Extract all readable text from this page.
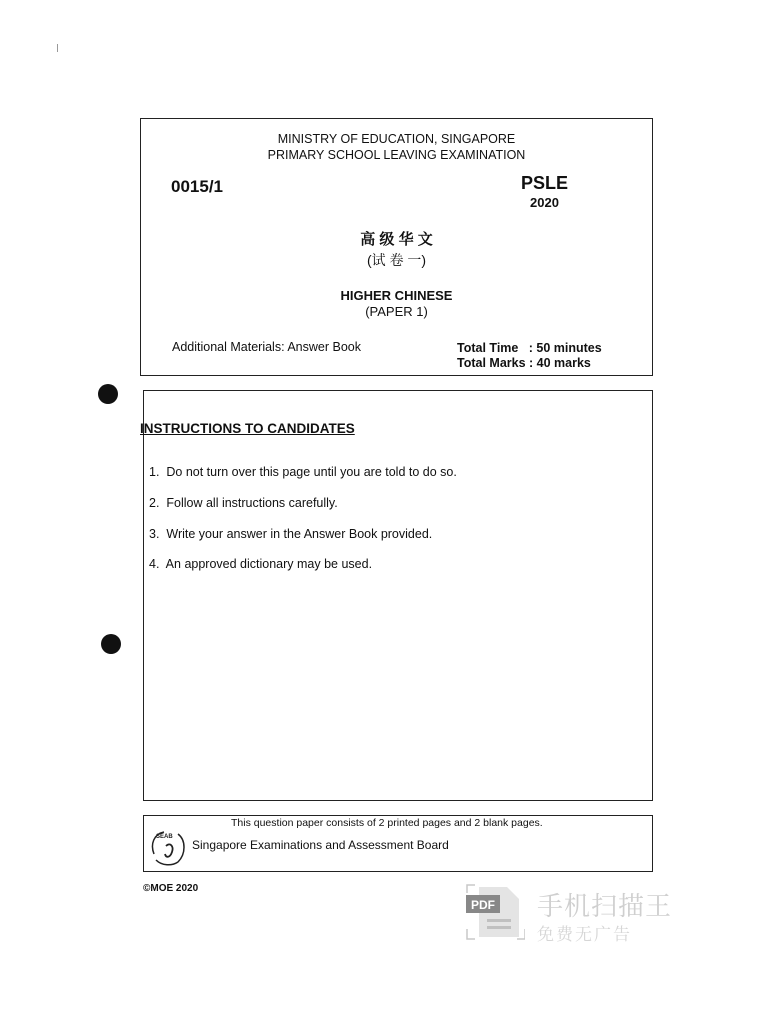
MINISTRY OF EDUCATION, SINGAPORE
PRIMARY SCHOOL LEAVING EXAMINATION
0015/1	PSLE
2020
高 级 华 文
(试 卷 一)
HIGHER CHINESE
(PAPER 1)
Additional Materials: Answer Book	Total Time   : 50 minutes
Total Marks : 40 marks
INSTRUCTIONS TO CANDIDATES
1.  Do not turn over this page until you are told to do so.
2.  Follow all instructions carefully.
3.  Write your answer in the Answer Book provided.
4.  An approved dictionary may be used.
This question paper consists of 2 printed pages and 2 blank pages.
SEAB
Singapore Examinations and Assessment Board
©MOE 2020
PDF 手机扫描王
免费无广告
